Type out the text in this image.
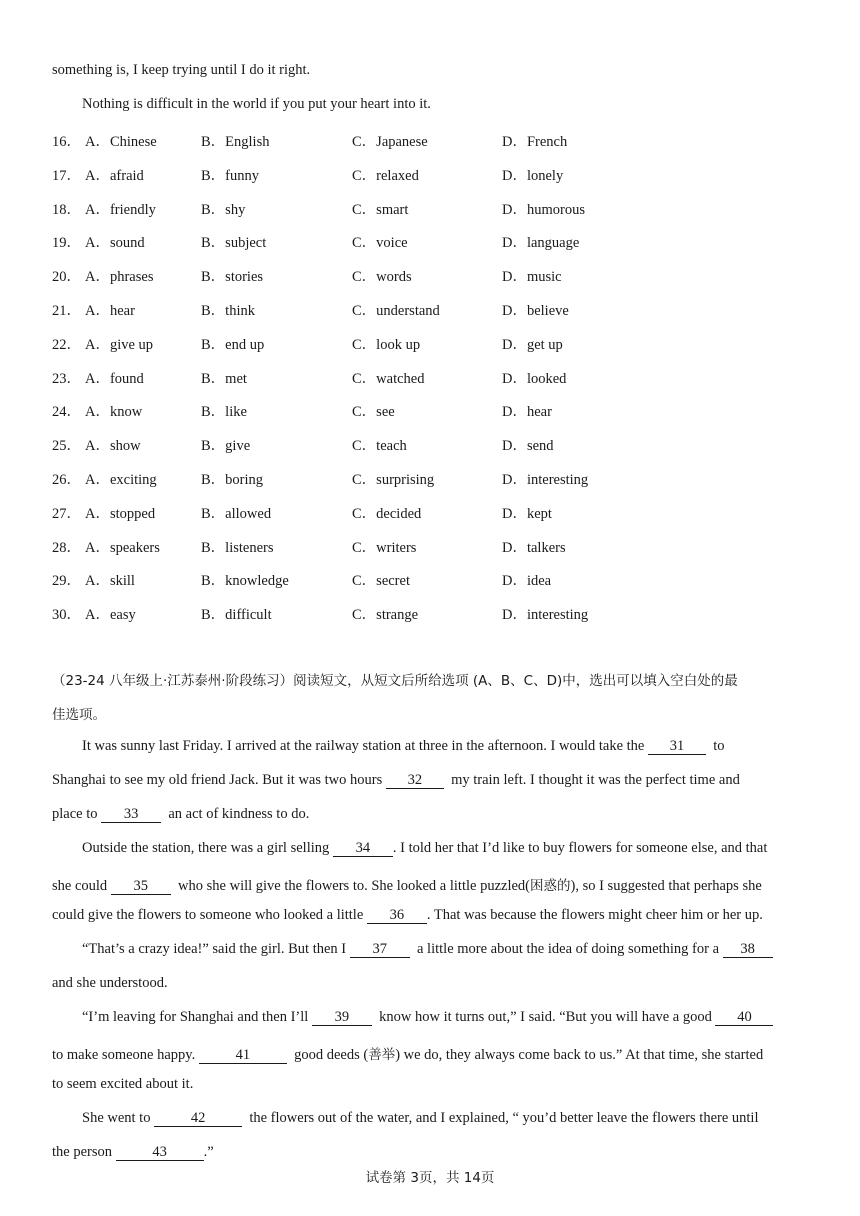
something is, I keep trying until I do it right.
Nothing is difficult in the world if you put your heart into it.
16． A．Chinese	B．English	C．Japanese	D．French
17． A．afraid	B．funny	C．relaxed	D．lonely
18． A．friendly	B．shy	C．smart	D．humorous
19． A．sound	B．subject	C．voice	D．language
20． A．phrases	B．stories	C．words	D．music
21． A．hear	B．think	C．understand	D．believe
22． A．give up	B．end up	C．look up	D．get up
23． A．found	B．met	C．watched	D．looked
24． A．know	B．like	C．see	D．hear
25． A．show	B．give	C．teach	D．send
26． A．exciting	B．boring	C．surprising	D．interesting
27． A．stopped	B．allowed	C．decided	D．kept
28． A．speakers	B．listeners	C．writers	D．talkers
29． A．skill	B．knowledge	C．secret	D．idea
30． A．easy	B．difficult	C．strange	D．interesting
（23-24 八年级上·江苏泰州·阶段练习）阅读短文，从短文后所给选项 (A、B、C、D)中，选出可以填入空白处的最
佳选项。
It was sunny last Friday. I arrived at the railway station at three in the afternoon. I would take the 31 to
Shanghai to see my old friend Jack. But it was two hours 32 my train left. I thought it was the perfect time and
place to 33 an act of kindness to do.
Outside the station, there was a girl selling 34 . I told her that I’d like to buy flowers for someone else, and that
she could 35 who she will give the flowers to. She looked a little puzzled(困惑的), so I suggested that perhaps she
could give the flowers to someone who looked a little 36 . That was because the flowers might cheer him or her up.
“That’s a crazy idea!” said the girl. But then I 37 a little more about the idea of doing something for a 38
and she understood.
“I’m leaving for Shanghai and then I’ll 39 know how it turns out,” I said. “But you will have a good 40
to make someone happy.	41	good deeds (善举) we do, they always come back to us.” At that time, she started
to seem excited about it.
She went to	42	the flowers out of the water, and I explained, “ you’d better leave the flowers there until
the person	43	.”
试卷第 3页，共 14页
